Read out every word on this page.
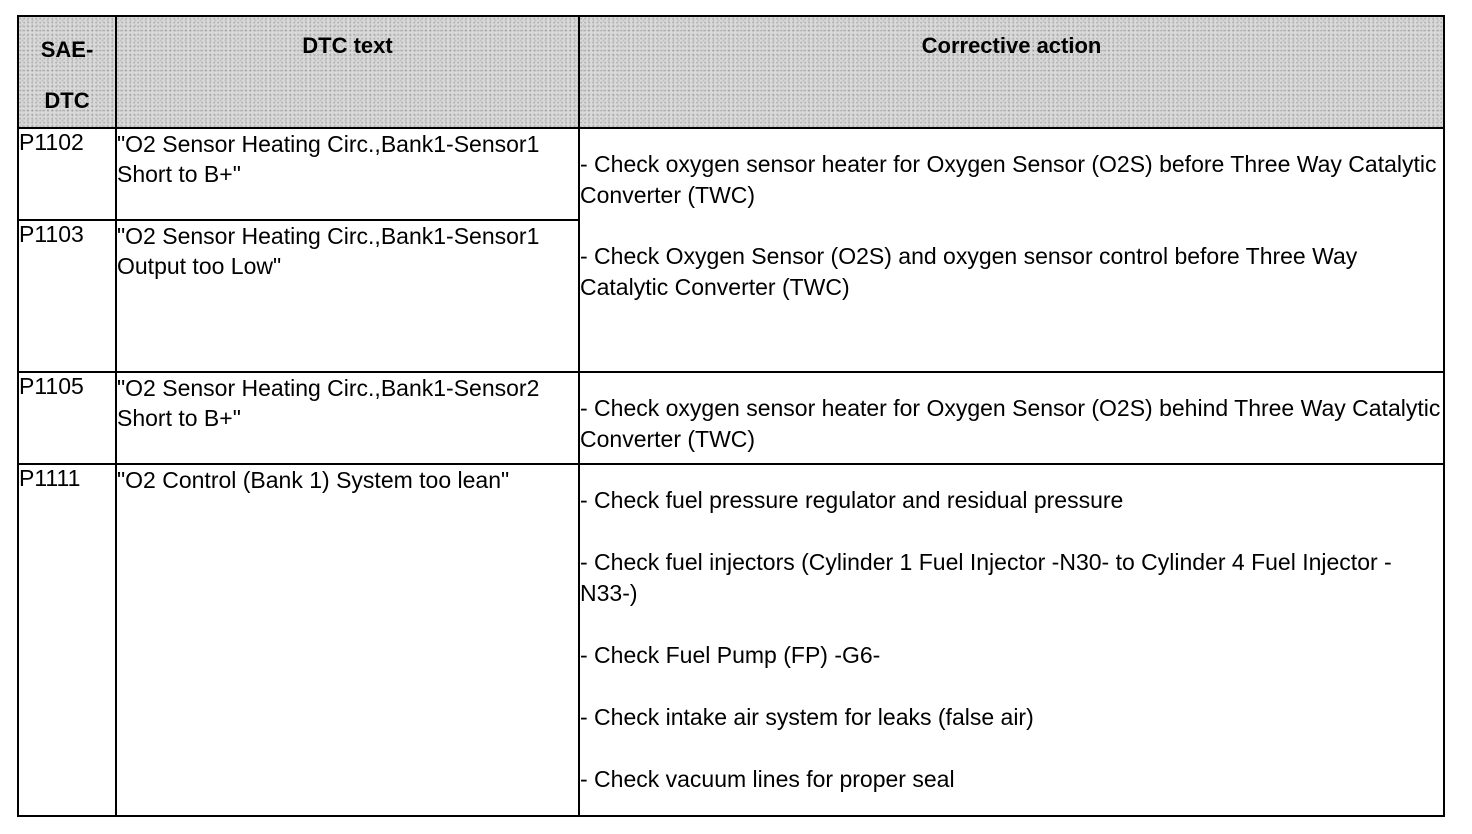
SAE-
DTC	DTC text	Corrective action

P1102	"O2 Sensor Heating Circ.,Bank1-Sensor1 Short to B+"	- Check oxygen sensor heater for Oxygen Sensor (O2S) before Three Way Catalytic Converter (TWC)

- Check Oxygen Sensor (O2S) and oxygen sensor control before Three Way Catalytic Converter (TWC)

P1103	"O2 Sensor Heating Circ.,Bank1-Sensor1 Output too Low"	
P1105	"O2 Sensor Heating Circ.,Bank1-Sensor2 Short to B+"	- Check oxygen sensor heater for Oxygen Sensor (O2S) behind Three Way Catalytic Converter (TWC)

P1111	"O2 Control (Bank 1) System too lean"	- Check fuel pressure regulator and residual pressure

- Check fuel injectors (Cylinder 1 Fuel Injector -N30- to Cylinder 4 Fuel Injector -N33-)

- Check Fuel Pump (FP) -G6-

- Check intake air system for leaks (false air)

- Check vacuum lines for proper seal
